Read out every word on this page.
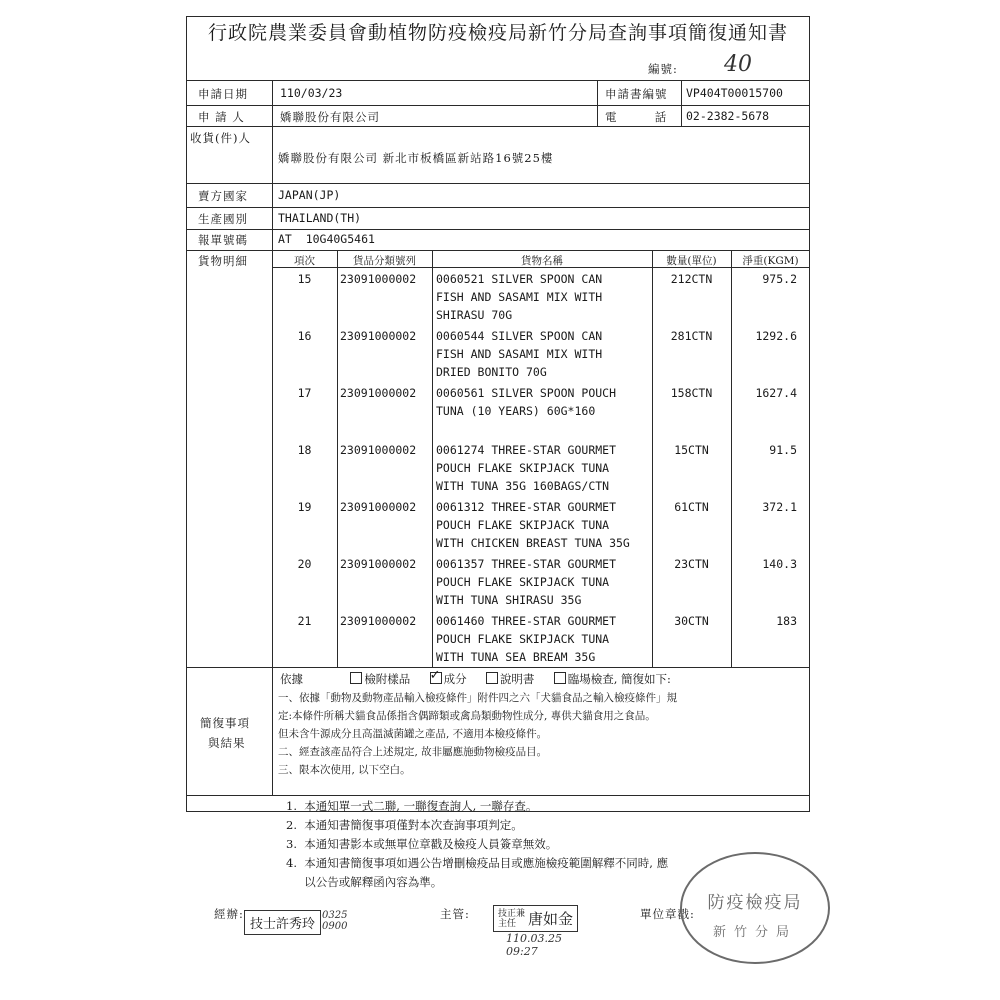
行政院農業委員會動植物防疫檢疫局新竹分局查詢事項簡復通知書
編號: 40
申請日期	110/03/23	申請書編號 VP404T00015700
申 請 人	嬌聯股份有限公司	電        話 02-2382-5678
收貨(件)人
嬌聯股份有限公司 新北市板橋區新站路16號25樓
賣方國家	JAPAN(JP)
生產國別	THAILAND(TH)
報單號碼	AT  10G40G5461
貨物明細	項次	貨品分類號列	貨物名稱	數量(單位)	淨重(KGM)
15	23091000002	0060521 SILVER SPOON CAN
FISH AND SASAMI MIX WITH
SHIRASU 70G
212CTN	975.2
16	23091000002	0060544 SILVER SPOON CAN
FISH AND SASAMI MIX WITH
DRIED BONITO 70G
281CTN	1292.6
17	23091000002	0060561 SILVER SPOON POUCH
TUNA (10 YEARS) 60G*160
158CTN	1627.4
18	23091000002	0061274 THREE-STAR GOURMET
POUCH FLAKE SKIPJACK TUNA
WITH TUNA 35G 160BAGS/CTN
15CTN	91.5
19	23091000002	0061312 THREE-STAR GOURMET
POUCH FLAKE SKIPJACK TUNA
WITH CHICKEN BREAST TUNA 35G
61CTN	372.1
20	23091000002	0061357 THREE-STAR GOURMET
POUCH FLAKE SKIPJACK TUNA
WITH TUNA SHIRASU 35G
23CTN	140.3
21	23091000002	0061460 THREE-STAR GOURMET
POUCH FLAKE SKIPJACK TUNA
WITH TUNA SEA BREAM 35G
30CTN	183
簡復事項
與結果
依據	檢附樣品  ✓	成分	說明書	臨場檢查, 簡復如下:
一、依據「動物及動物產品輸入檢疫條件」附件四之六「犬貓食品之輸入檢疫條件」規
定:本條件所稱犬貓食品係指含偶蹄類或禽鳥類動物性成分, 專供犬貓食用之食品。
但未含牛源成分且高溫滅菌罐之產品, 不適用本檢疫條件。
二、經查該產品符合上述規定, 故非屬應施動物檢疫品目。
三、限本次使用, 以下空白。
1.  本通知單一式二聯, 一聯復查詢人, 一聯存查。
2.  本通知書簡復事項僅對本次查詢事項判定。
3.  本通知書影本或無單位章戳及檢疫人員簽章無效。
4.  本通知書簡復事項如遇公告增刪檢疫品目或應施檢疫範圍解釋不同時, 應
以公告或解釋函內容為準。
經辦:
技士許秀玲
0325 0900
主管:	技正兼主任 唐如金
110.03.25 09:27
單位章戳:
防疫檢疫局
新竹分局
